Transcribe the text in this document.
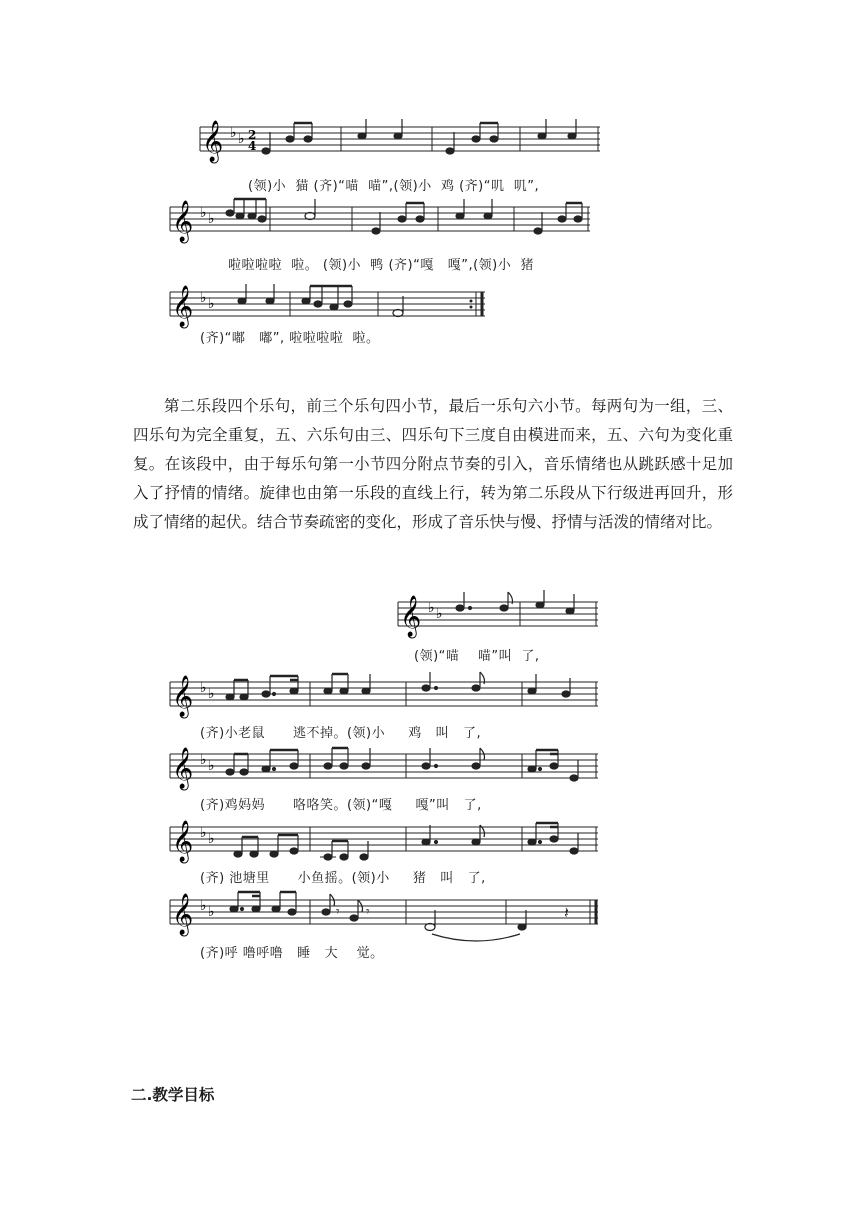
𝄞 ♭ ♭ 2
4
(领)小  猫 (齐)“喵  喵”,(领)小  鸡 (齐)“叽  叽”,
𝄞 ♭ ♭
啦啦啦啦  啦。 (领)小  鸭 (齐)“嘎   嘎”,(领)小  猪
𝄞 ♭ ♭
(齐)“嘟   嘟”, 啦啦啦啦  啦。

第二乐段四个乐句，前三个乐句四小节，最后一乐句六小节。每两句为一组，三、四乐句为完全重复，五、六乐句由三、四乐句下三度自由模进而来，五、六句为变化重复。在该段中，由于每乐句第一小节四分附点节奏的引入，音乐情绪也从跳跃感十足加入了抒情的情绪。旋律也由第一乐段的直线上行，转为第二乐段从下行级进再回升，形成了情绪的起伏。结合节奏疏密的变化，形成了音乐快与慢、抒情与活泼的情绪对比。

𝄞 ♭ ♭
(领)“喵    喵”叫  了,
𝄞 ♭ ♭
(齐)小老鼠      逃不掉。(领)小     鸡   叫   了,
𝄞 ♭ ♭
(齐)鸡妈妈      咯咯笑。(领)“嘎     嘎”叫   了,
𝄞 ♭ ♭
(齐) 池塘里      小鱼摇。(领)小     猪   叫   了,
𝄞 ♭ ♭	𝄾 𝄾	𝄽
(齐)呼 噜呼噜   睡   大    觉。
二.教学目标
